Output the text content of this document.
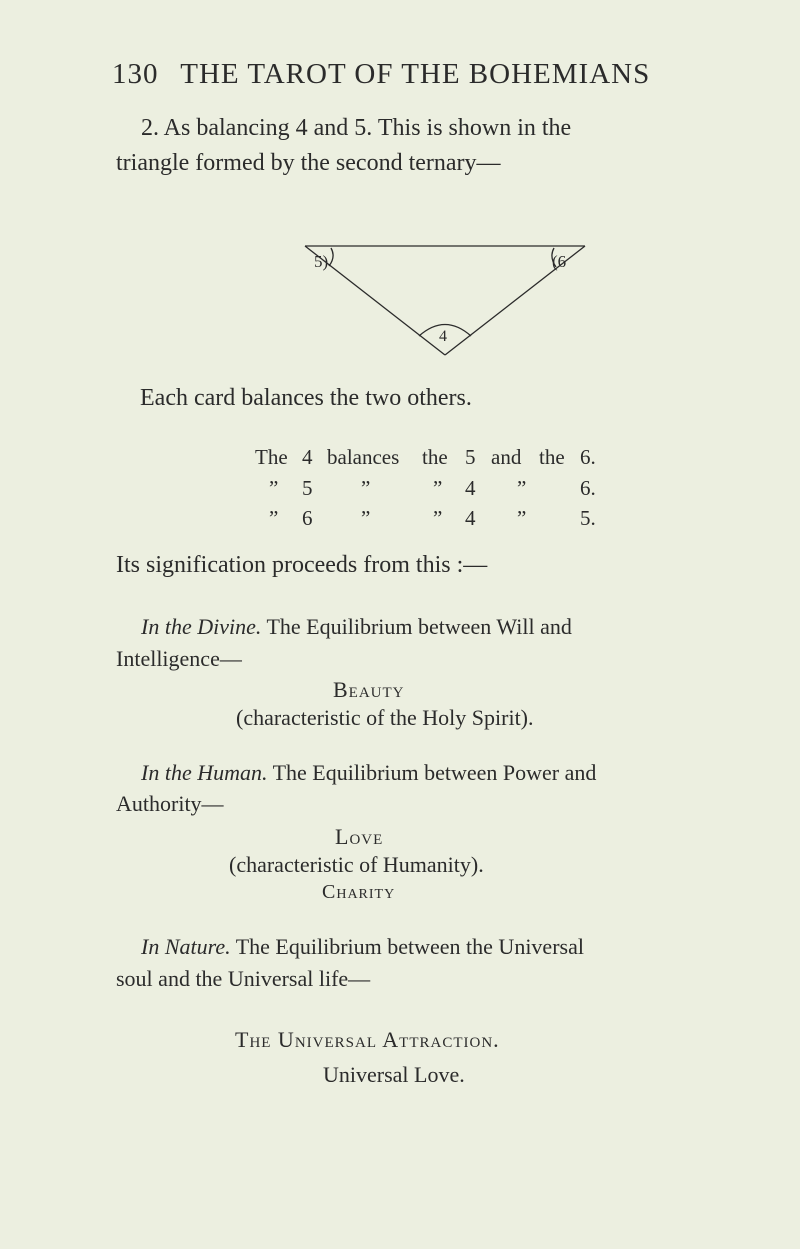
130 THE TAROT OF THE BOHEMIANS
2. As balancing 4 and 5. This is shown in the
triangle formed by the second ternary—
5)	(6
4
Each card balances the two others.
The 4 balances the 5 and the 6.
” 5 ”	” 4 ”	6.
” 6 ”	” 4 ”	5.
Its signification proceeds from this :—
In the Divine. The Equilibrium between Will and
Intelligence—
Beauty
(characteristic of the Holy Spirit).
In the Human. The Equilibrium between Power and
Authority—
Love
(characteristic of Humanity).
Charity
In Nature. The Equilibrium between the Universal
soul and the Universal life—
The Universal Attraction.
Universal Love.
